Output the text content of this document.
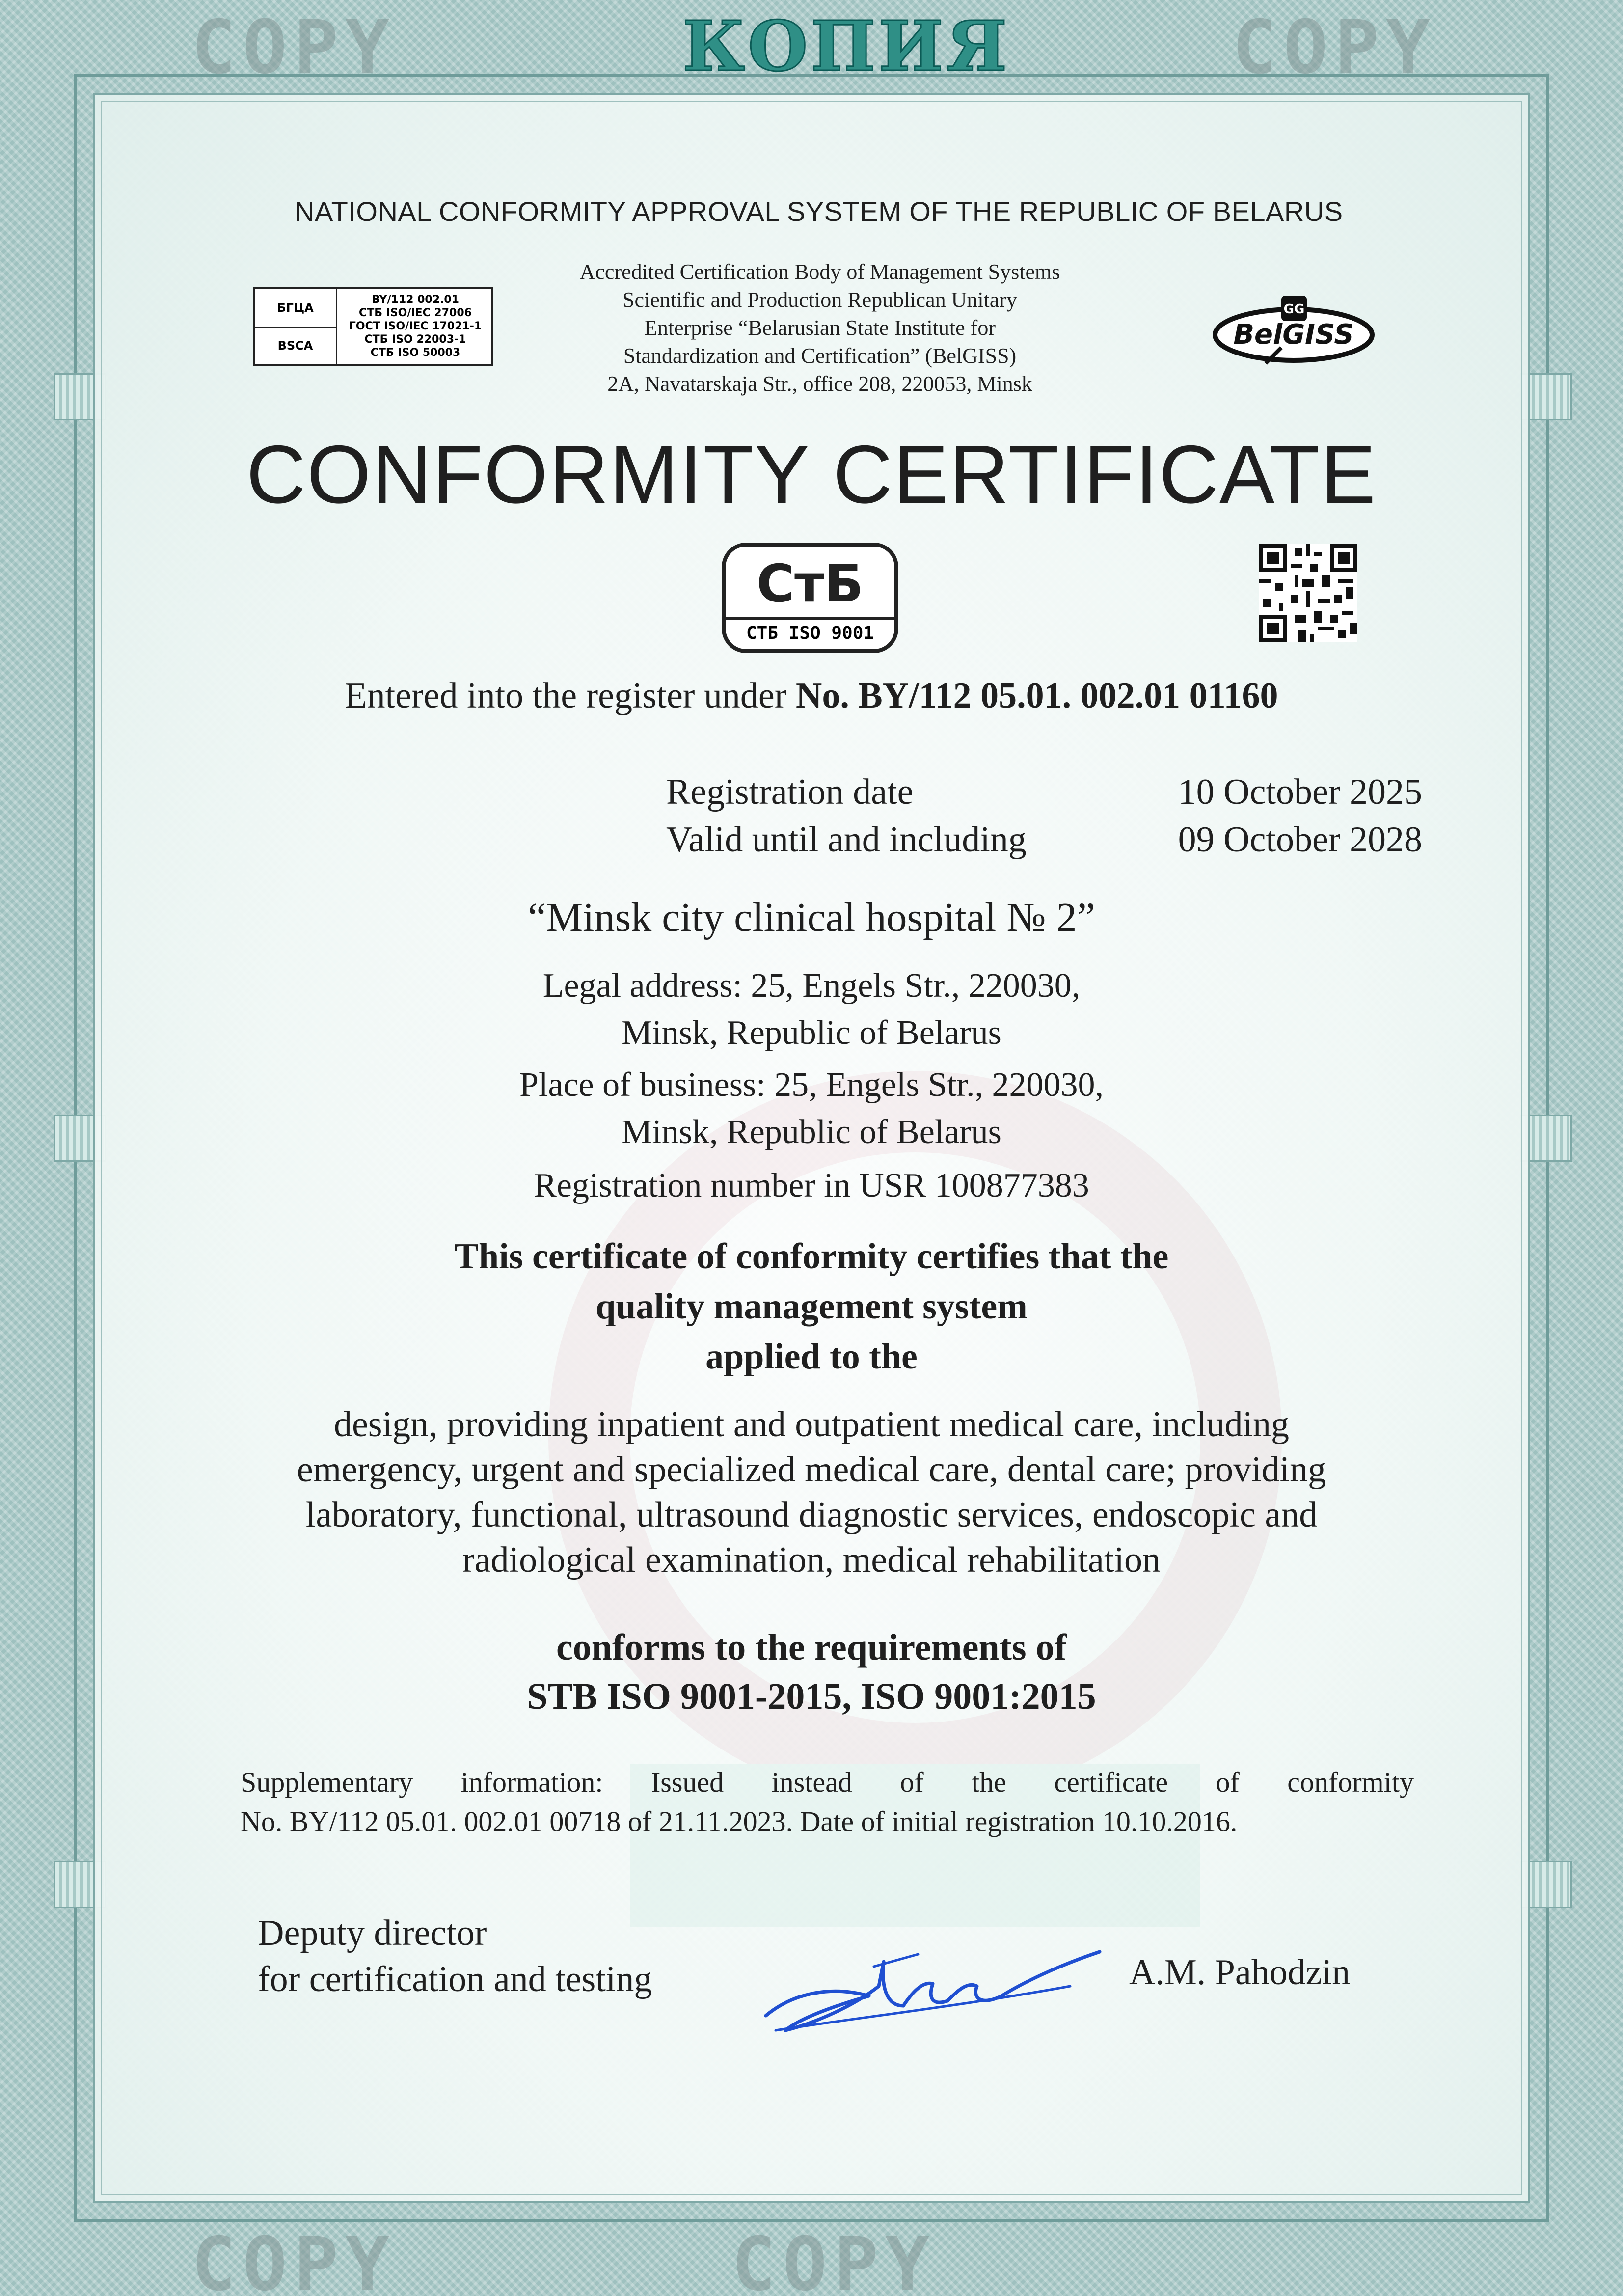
COPY	COPY
COPY	COPY
КОПИЯ
NATIONAL CONFORMITY APPROVAL SYSTEM OF THE REPUBLIC OF BELARUS
БГЦА
BSCA
BY/112 002.01
СТБ ISO/IEC 27006
ГОСТ ISO/IEC 17021-1
СТБ ISO 22003-1
СТБ ISO 50003
Accredited Certification Body of Management Systems
Scientific and Production Republican Unitary
Enterprise “Belarusian State Institute for
Standardization and Certification” (BelGISS)
2A, Navatarskaja Str., office 208, 220053, Minsk
GG
BelGISS
CONFORMITY CERTIFICATE
СтБ
СТБ ISO 9001
Entered into the register under No. BY/112 05.01. 002.01 01160
Registration date	10 October 2025
Valid until and including	09 October 2028
“Minsk city clinical hospital № 2”
Legal address: 25, Engels Str., 220030,
Minsk, Republic of Belarus
Place of business: 25, Engels Str., 220030,
Minsk, Republic of Belarus
Registration number in USR 100877383
This certificate of conformity certifies that the
quality management system
applied to the
design, providing inpatient and outpatient medical care, including
emergency, urgent and specialized medical care, dental care; providing
laboratory, functional, ultrasound diagnostic services, endoscopic and
radiological examination, medical rehabilitation
conforms to the requirements of
STB ISO 9001-2015, ISO 9001:2015
Supplementary information: Issued instead of the certificate of conformity
No. BY/112 05.01. 002.01 00718 of 21.11.2023. Date of initial registration 10.10.2016.
Deputy director
for certification and testing	A.M. Pahodzin
